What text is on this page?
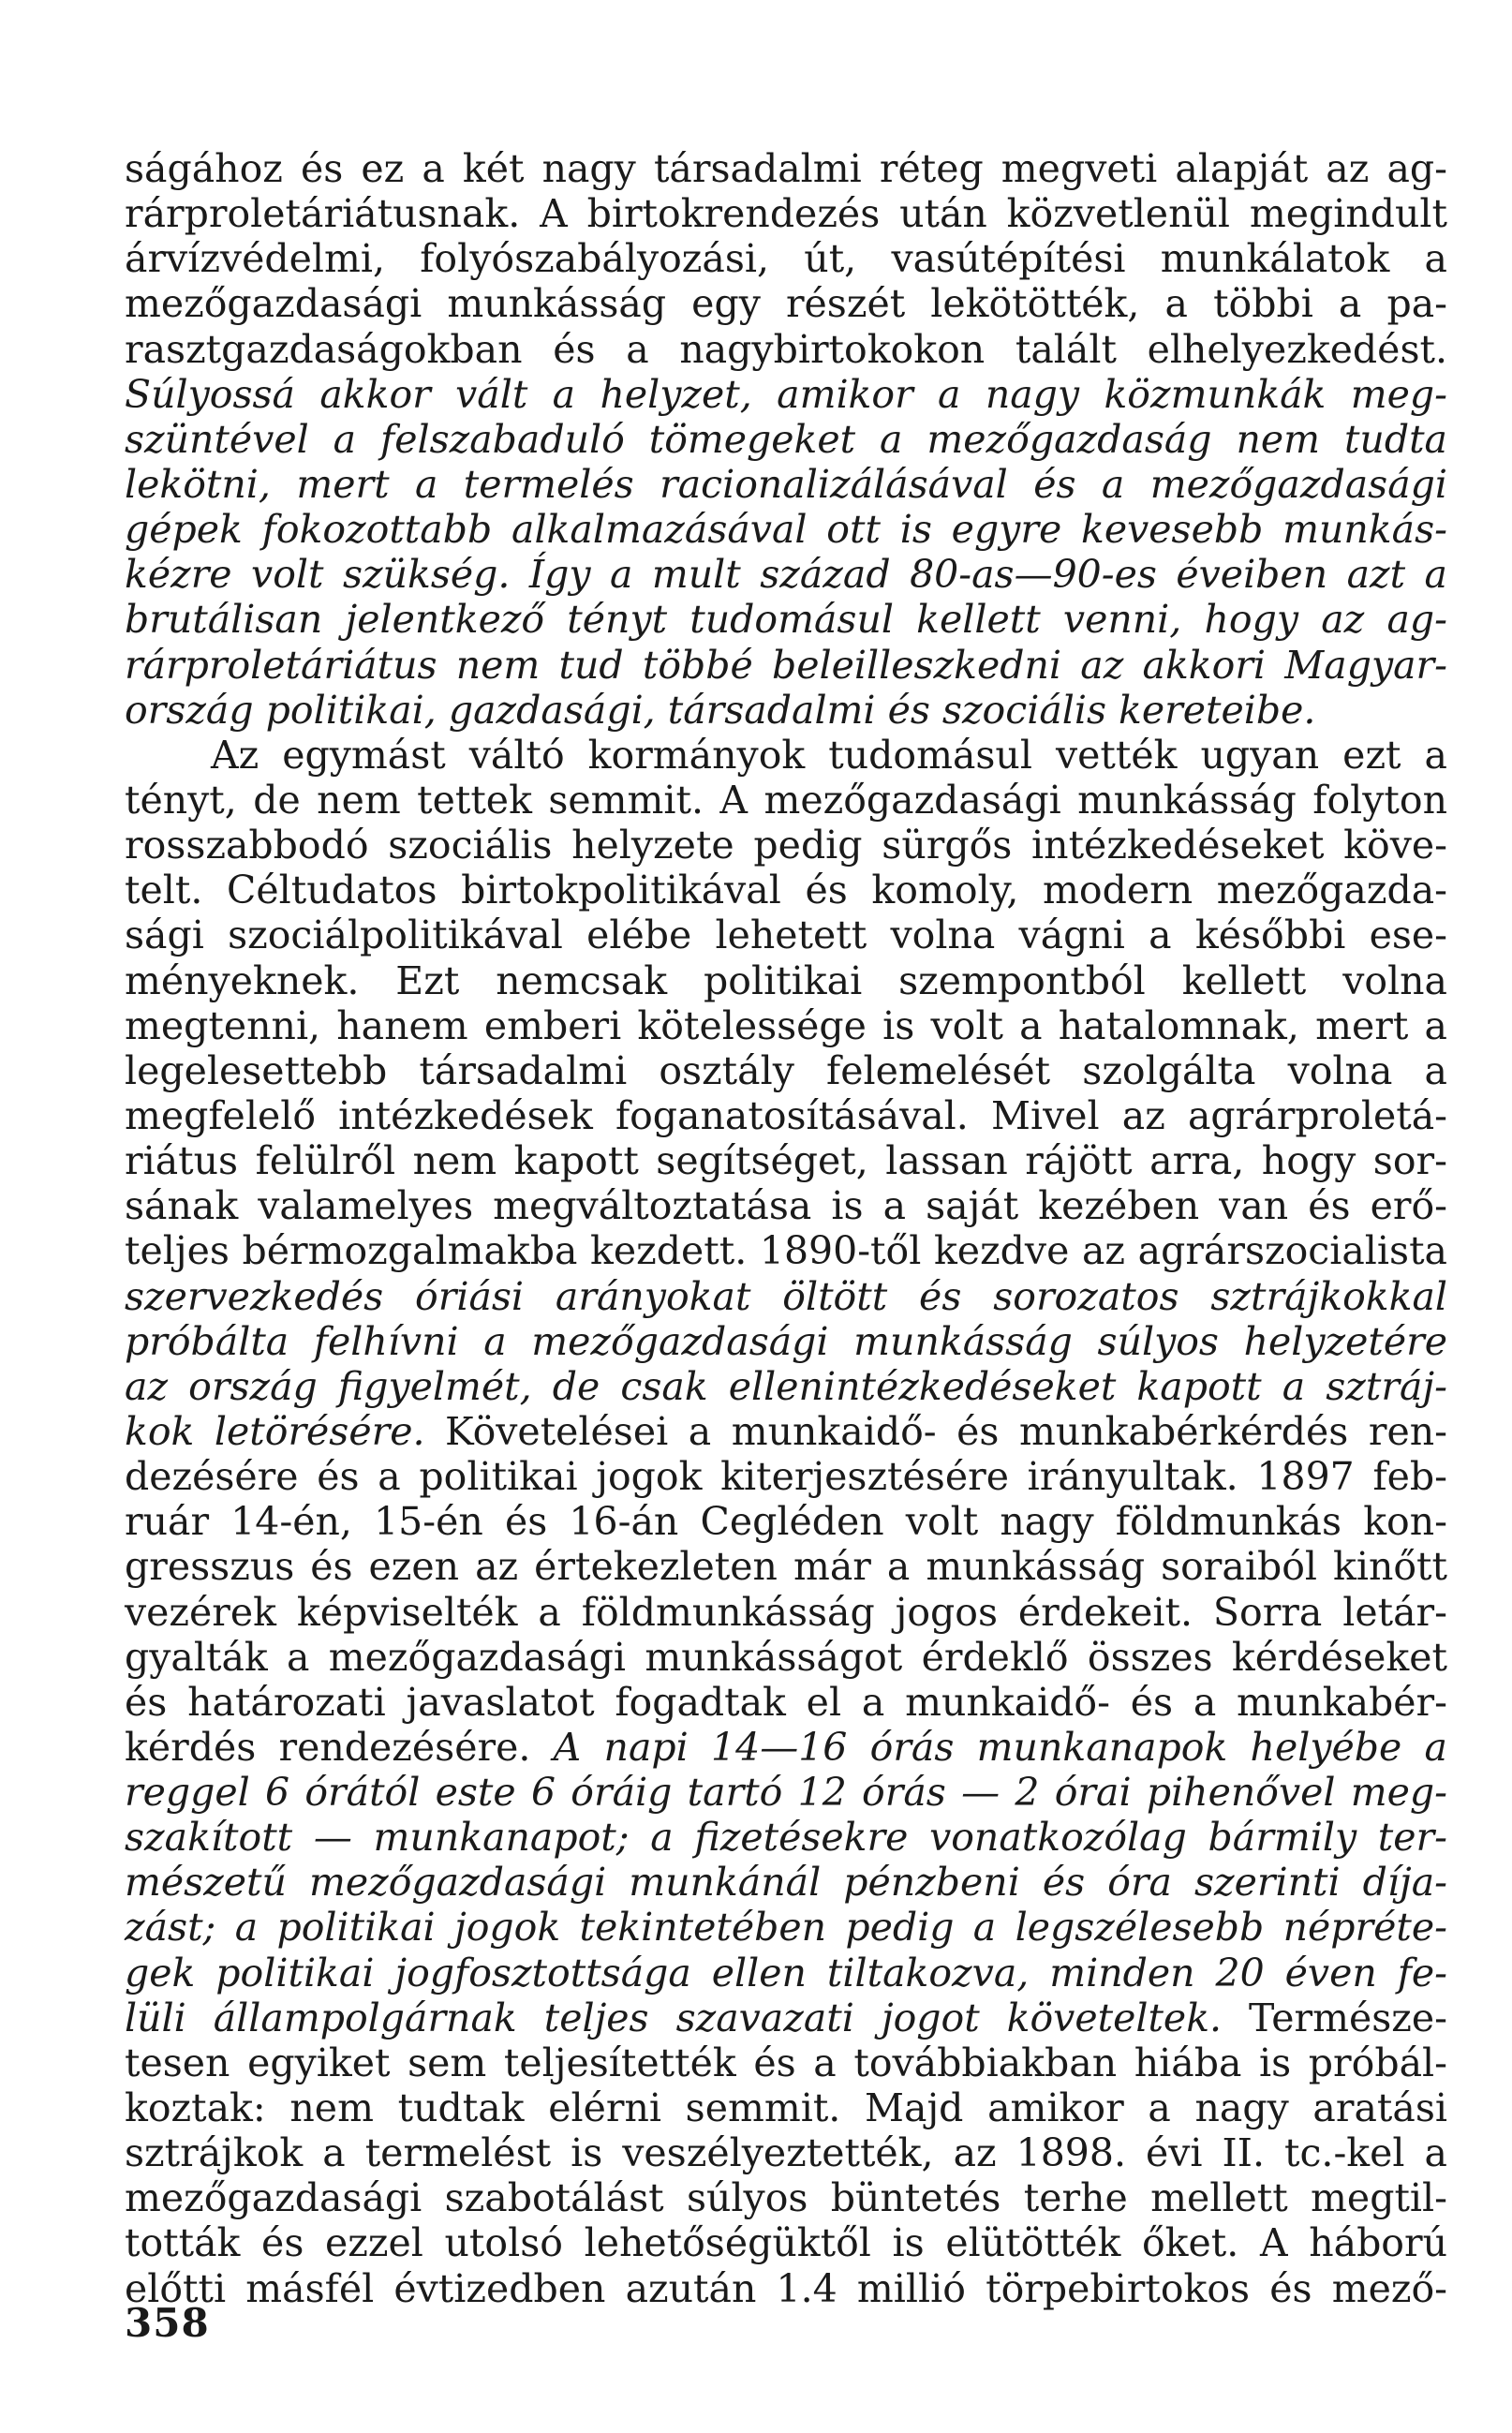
ságához és ez a két nagy társadalmi réteg megveti alapját az ag-
rárproletáriátusnak. A birtokrendezés után közvetlenül megindult
árvízvédelmi, folyószabályozási, út, vasútépítési munkálatok a
mezőgazdasági munkásság egy részét lekötötték, a többi a pa-
rasztgazdaságokban és a nagybirtokokon talált elhelyezkedést.
Súlyossá akkor vált a helyzet, amikor a nagy közmunkák meg-
szüntével a felszabaduló tömegeket a mezőgazdaság nem tudta
lekötni, mert a termelés racionalizálásával és a mezőgazdasági
gépek fokozottabb alkalmazásával ott is egyre kevesebb munkás-
kézre volt szükség. Így a mult század 80-as—90-es éveiben azt a
brutálisan jelentkező tényt tudomásul kellett venni, hogy az ag-
rárproletáriátus nem tud többé beleilleszkedni az akkori Magyar-
ország politikai, gazdasági, társadalmi és szociális kereteibe.
Az egymást váltó kormányok tudomásul vették ugyan ezt a
tényt, de nem tettek semmit. A mezőgazdasági munkásság folyton
rosszabbodó szociális helyzete pedig sürgős intézkedéseket köve-
telt. Céltudatos birtokpolitikával és komoly, modern mezőgazda-
sági szociálpolitikával elébe lehetett volna vágni a későbbi ese-
ményeknek. Ezt nemcsak politikai szempontból kellett volna
megtenni, hanem emberi kötelessége is volt a hatalomnak, mert a
legelesettebb társadalmi osztály felemelését szolgálta volna a
megfelelő intézkedések foganatosításával. Mivel az agrárproletá-
riátus felülről nem kapott segítséget, lassan rájött arra, hogy sor-
sának valamelyes megváltoztatása is a saját kezében van és erő-
teljes bérmozgalmakba kezdett. 1890-től kezdve az agrárszocialista
szervezkedés óriási arányokat öltött és sorozatos sztrájkokkal
próbálta felhívni a mezőgazdasági munkásság súlyos helyzetére
az ország figyelmét, de csak ellenintézkedéseket kapott a sztráj-
kok letörésére. Követelései a munkaidő- és munkabérkérdés ren-
dezésére és a politikai jogok kiterjesztésére irányultak. 1897 feb-
ruár 14-én, 15-én és 16-án Cegléden volt nagy földmunkás kon-
gresszus és ezen az értekezleten már a munkásság soraiból kinőtt
vezérek képviselték a földmunkásság jogos érdekeit. Sorra letár-
gyalták a mezőgazdasági munkásságot érdeklő összes kérdéseket
és határozati javaslatot fogadtak el a munkaidő- és a munkabér-
kérdés rendezésére. A napi 14—16 órás munkanapok helyébe a
reggel 6 órától este 6 óráig tartó 12 órás — 2 órai pihenővel meg-
szakított — munkanapot; a fizetésekre vonatkozólag bármily ter-
mészetű mezőgazdasági munkánál pénzbeni és óra szerinti díja-
zást; a politikai jogok tekintetében pedig a legszélesebb népréte-
gek politikai jogfosztottsága ellen tiltakozva, minden 20 éven fe-
lüli állampolgárnak teljes szavazati jogot követeltek. Természe-
tesen egyiket sem teljesítették és a továbbiakban hiába is próbál-
koztak: nem tudtak elérni semmit. Majd amikor a nagy aratási
sztrájkok a termelést is veszélyeztették, az 1898. évi II. tc.-kel a
mezőgazdasági szabotálást súlyos büntetés terhe mellett megtil-
tották és ezzel utolsó lehetőségüktől is elütötték őket. A háború
előtti másfél évtizedben azután 1.4 millió törpebirtokos és mező-
358
